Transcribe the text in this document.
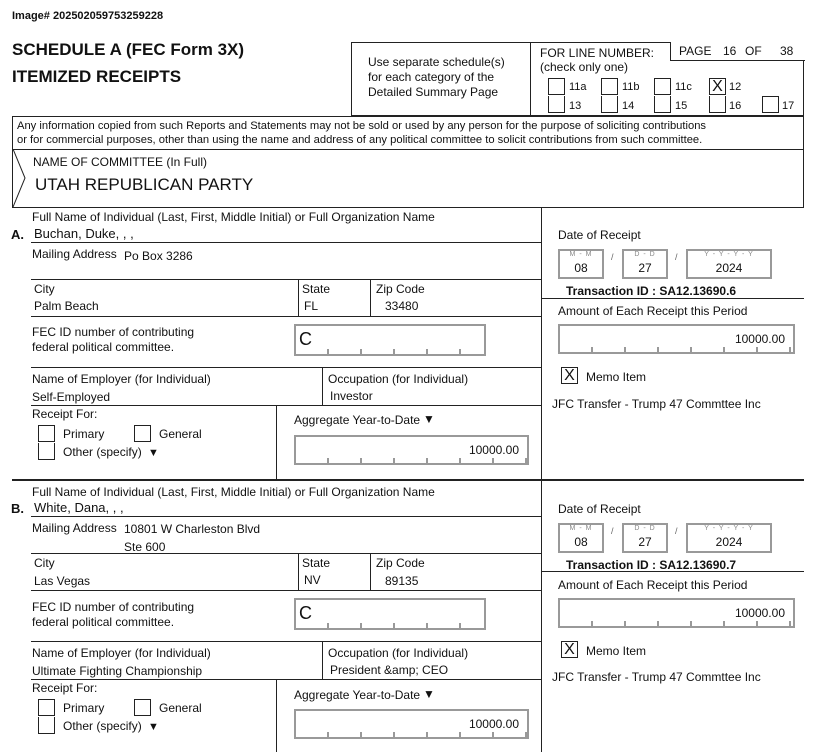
Image# 202502059753259228
SCHEDULE A (FEC Form 3X)
ITEMIZED RECEIPTS
Use separate schedule(s)
for each category of the
Detailed Summary Page
FOR LINE NUMBER:
(check only one)
PAGE 16 OF 38
11a	11b	11c X 12
13	14	15	16	17
Any information copied from such Reports and Statements may not be sold or used by any person for the purpose of soliciting contributions
or for commercial purposes, other than using the name and address of any political committee to solicit contributions from such committee.
NAME OF COMMITTEE (In Full)
UTAH REPUBLICAN PARTY
Full Name of Individual (Last, First, Middle Initial) or Full Organization Name
A. Buchan, Duke, , ,
Mailing Address Po Box 3286
City	State	Zip Code
Palm Beach	FL	33480
FEC ID number of contributing
federal political committee.	C
Name of Employer (for Individual)	Occupation (for Individual)
Self-Employed	Investor
Receipt For:
Primary	General
Other (specify) ▼
Aggregate Year-to-Date ▼
10000.00
Date of Receipt
M - M
08
/	D - D
27
/	Y - Y - Y - Y
2024
Transaction ID : SA12.13690.6
Amount of Each Receipt this Period
10000.00
X Memo Item
JFC Transfer - Trump 47 Commttee Inc
Full Name of Individual (Last, First, Middle Initial) or Full Organization Name
B. White, Dana, , ,
Mailing Address 10801 W Charleston Blvd
Ste 600
City	State	Zip Code
Las Vegas	NV	89135
FEC ID number of contributing
federal political committee.	C
Name of Employer (for Individual)	Occupation (for Individual)
Ultimate Fighting Championship	President &amp; CEO
Receipt For:
Primary	General
Other (specify) ▼
Aggregate Year-to-Date ▼
10000.00
Date of Receipt
M - M
08
/	D - D
27
/	Y - Y - Y - Y
2024
Transaction ID : SA12.13690.7
Amount of Each Receipt this Period
10000.00
X Memo Item
JFC Transfer - Trump 47 Commttee Inc
